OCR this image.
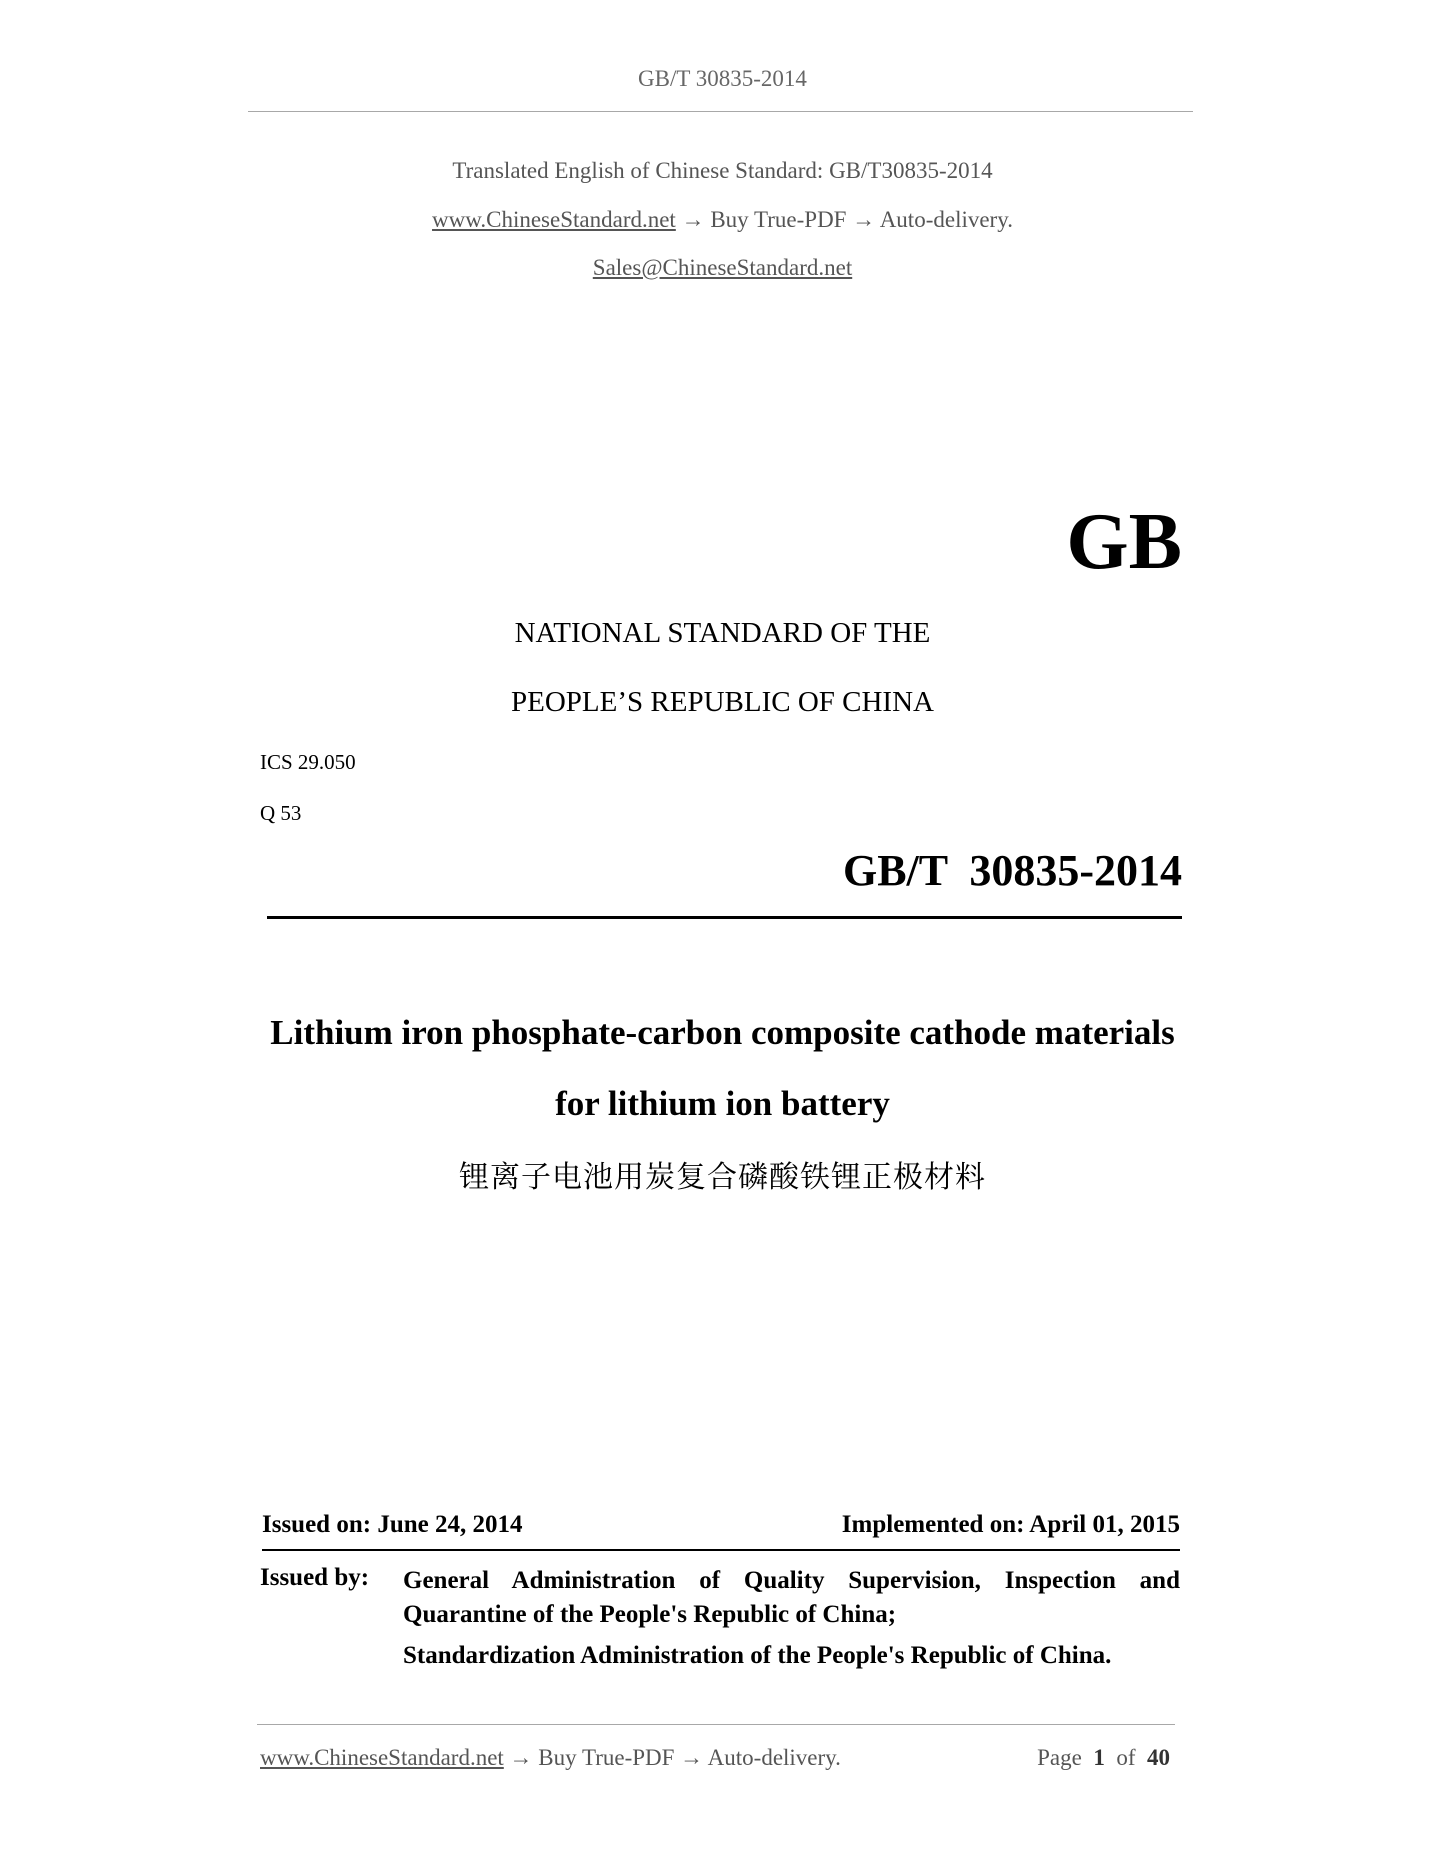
GB/T 30835-2014
Translated English of Chinese Standard: GB/T30835-2014
www.ChineseStandard.net → Buy True-PDF → Auto-delivery.
Sales@ChineseStandard.net
GB
NATIONAL STANDARD OF THE
PEOPLE’S REPUBLIC OF CHINA
ICS 29.050
Q 53
GB/T  30835-2014
Lithium iron phosphate-carbon composite cathode materials
for lithium ion battery
锂离子电池用炭复合磷酸铁锂正极材料
Issued on: June 24, 2014	Implemented on: April 01, 2015
Issued by: General Administration of Quality Supervision, Inspection and Quarantine of the People's Republic of China;
Standardization Administration of the People's Republic of China.
www.ChineseStandard.net → Buy True-PDF → Auto-delivery.	Page 1 of 40
